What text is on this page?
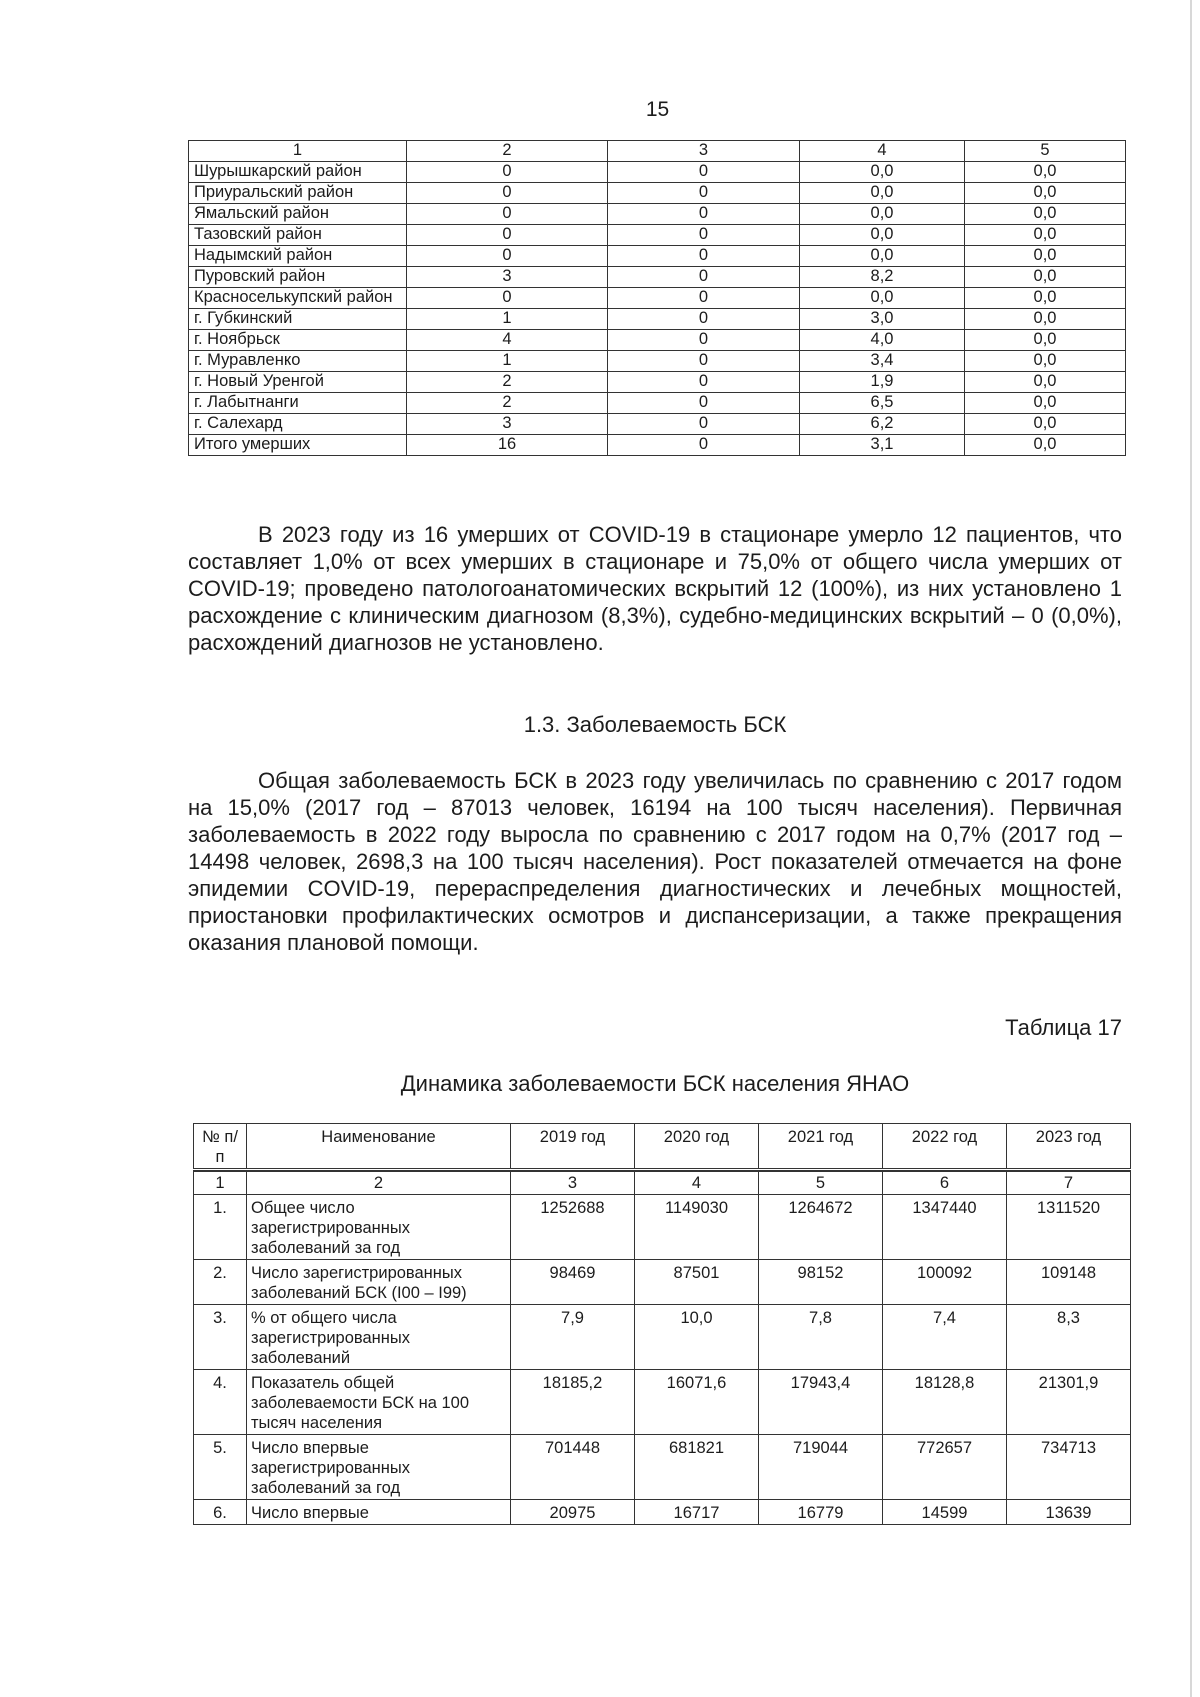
15
1	2	3	4	5
Шурышкарский район	0	0	0,0	0,0
Приуральский район	0	0	0,0	0,0
Ямальский район	0	0	0,0	0,0
Тазовский район	0	0	0,0	0,0
Надымский район	0	0	0,0	0,0
Пуровский район	3	0	8,2	0,0
Красноселькупский район	0	0	0,0	0,0
г. Губкинский	1	0	3,0	0,0
г. Ноябрьск	4	0	4,0	0,0
г. Муравленко	1	0	3,4	0,0
г. Новый Уренгой	2	0	1,9	0,0
г. Лабытнанги	2	0	6,5	0,0
г. Салехард	3	0	6,2	0,0
Итого умерших	16	0	3,1	0,0

В 2023 году из 16 умерших от COVID-19 в стационаре умерло 12 пациентов, что составляет 1,0% от всех умерших в стационаре и 75,0% от общего числа умерших от COVID-19; проведено патологоанатомических вскрытий 12 (100%), из них установлено 1 расхождение с клиническим диагнозом (8,3%), судебно-медицинских вскрытий – 0 (0,0%), расхождений диагнозов не установлено.

1.3. Заболеваемость БСК

Общая заболеваемость БСК в 2023 году увеличилась по сравнению с 2017 годом на 15,0% (2017 год – 87013 человек, 16194 на 100 тысяч населения). Первичная заболеваемость в 2022 году выросла по сравнению с 2017 годом на 0,7% (2017 год – 14498 человек, 2698,3 на 100 тысяч населения). Рост показателей отмечается на фоне эпидемии COVID-19, перераспределения диагностических и лечебных мощностей, приостановки профилактических осмотров и диспансеризации, а также прекращения оказания плановой помощи.

Таблица 17
Динамика заболеваемости БСК населения ЯНАО
№ п/п	Наименование	2019 год	2020 год	2021 год	2022 год	2023 год

1	2	3	4	5	6	7
1.	Общее число зарегистрированных заболеваний за год	1252688	1149030	1264672	1347440	1311520
2.	Число зарегистрированных заболеваний БСК (I00 – I99)	98469	87501	98152	100092	109148
3.	% от общего числа зарегистрированных заболеваний	7,9	10,0	7,8	7,4	8,3
4.	Показатель общей заболеваемости БСК на 100 тысяч населения	18185,2	16071,6	17943,4	18128,8	21301,9
5.	Число впервые зарегистрированных заболеваний за год	701448	681821	719044	772657	734713
6.	Число впервые	20975	16717	16779	14599	13639
